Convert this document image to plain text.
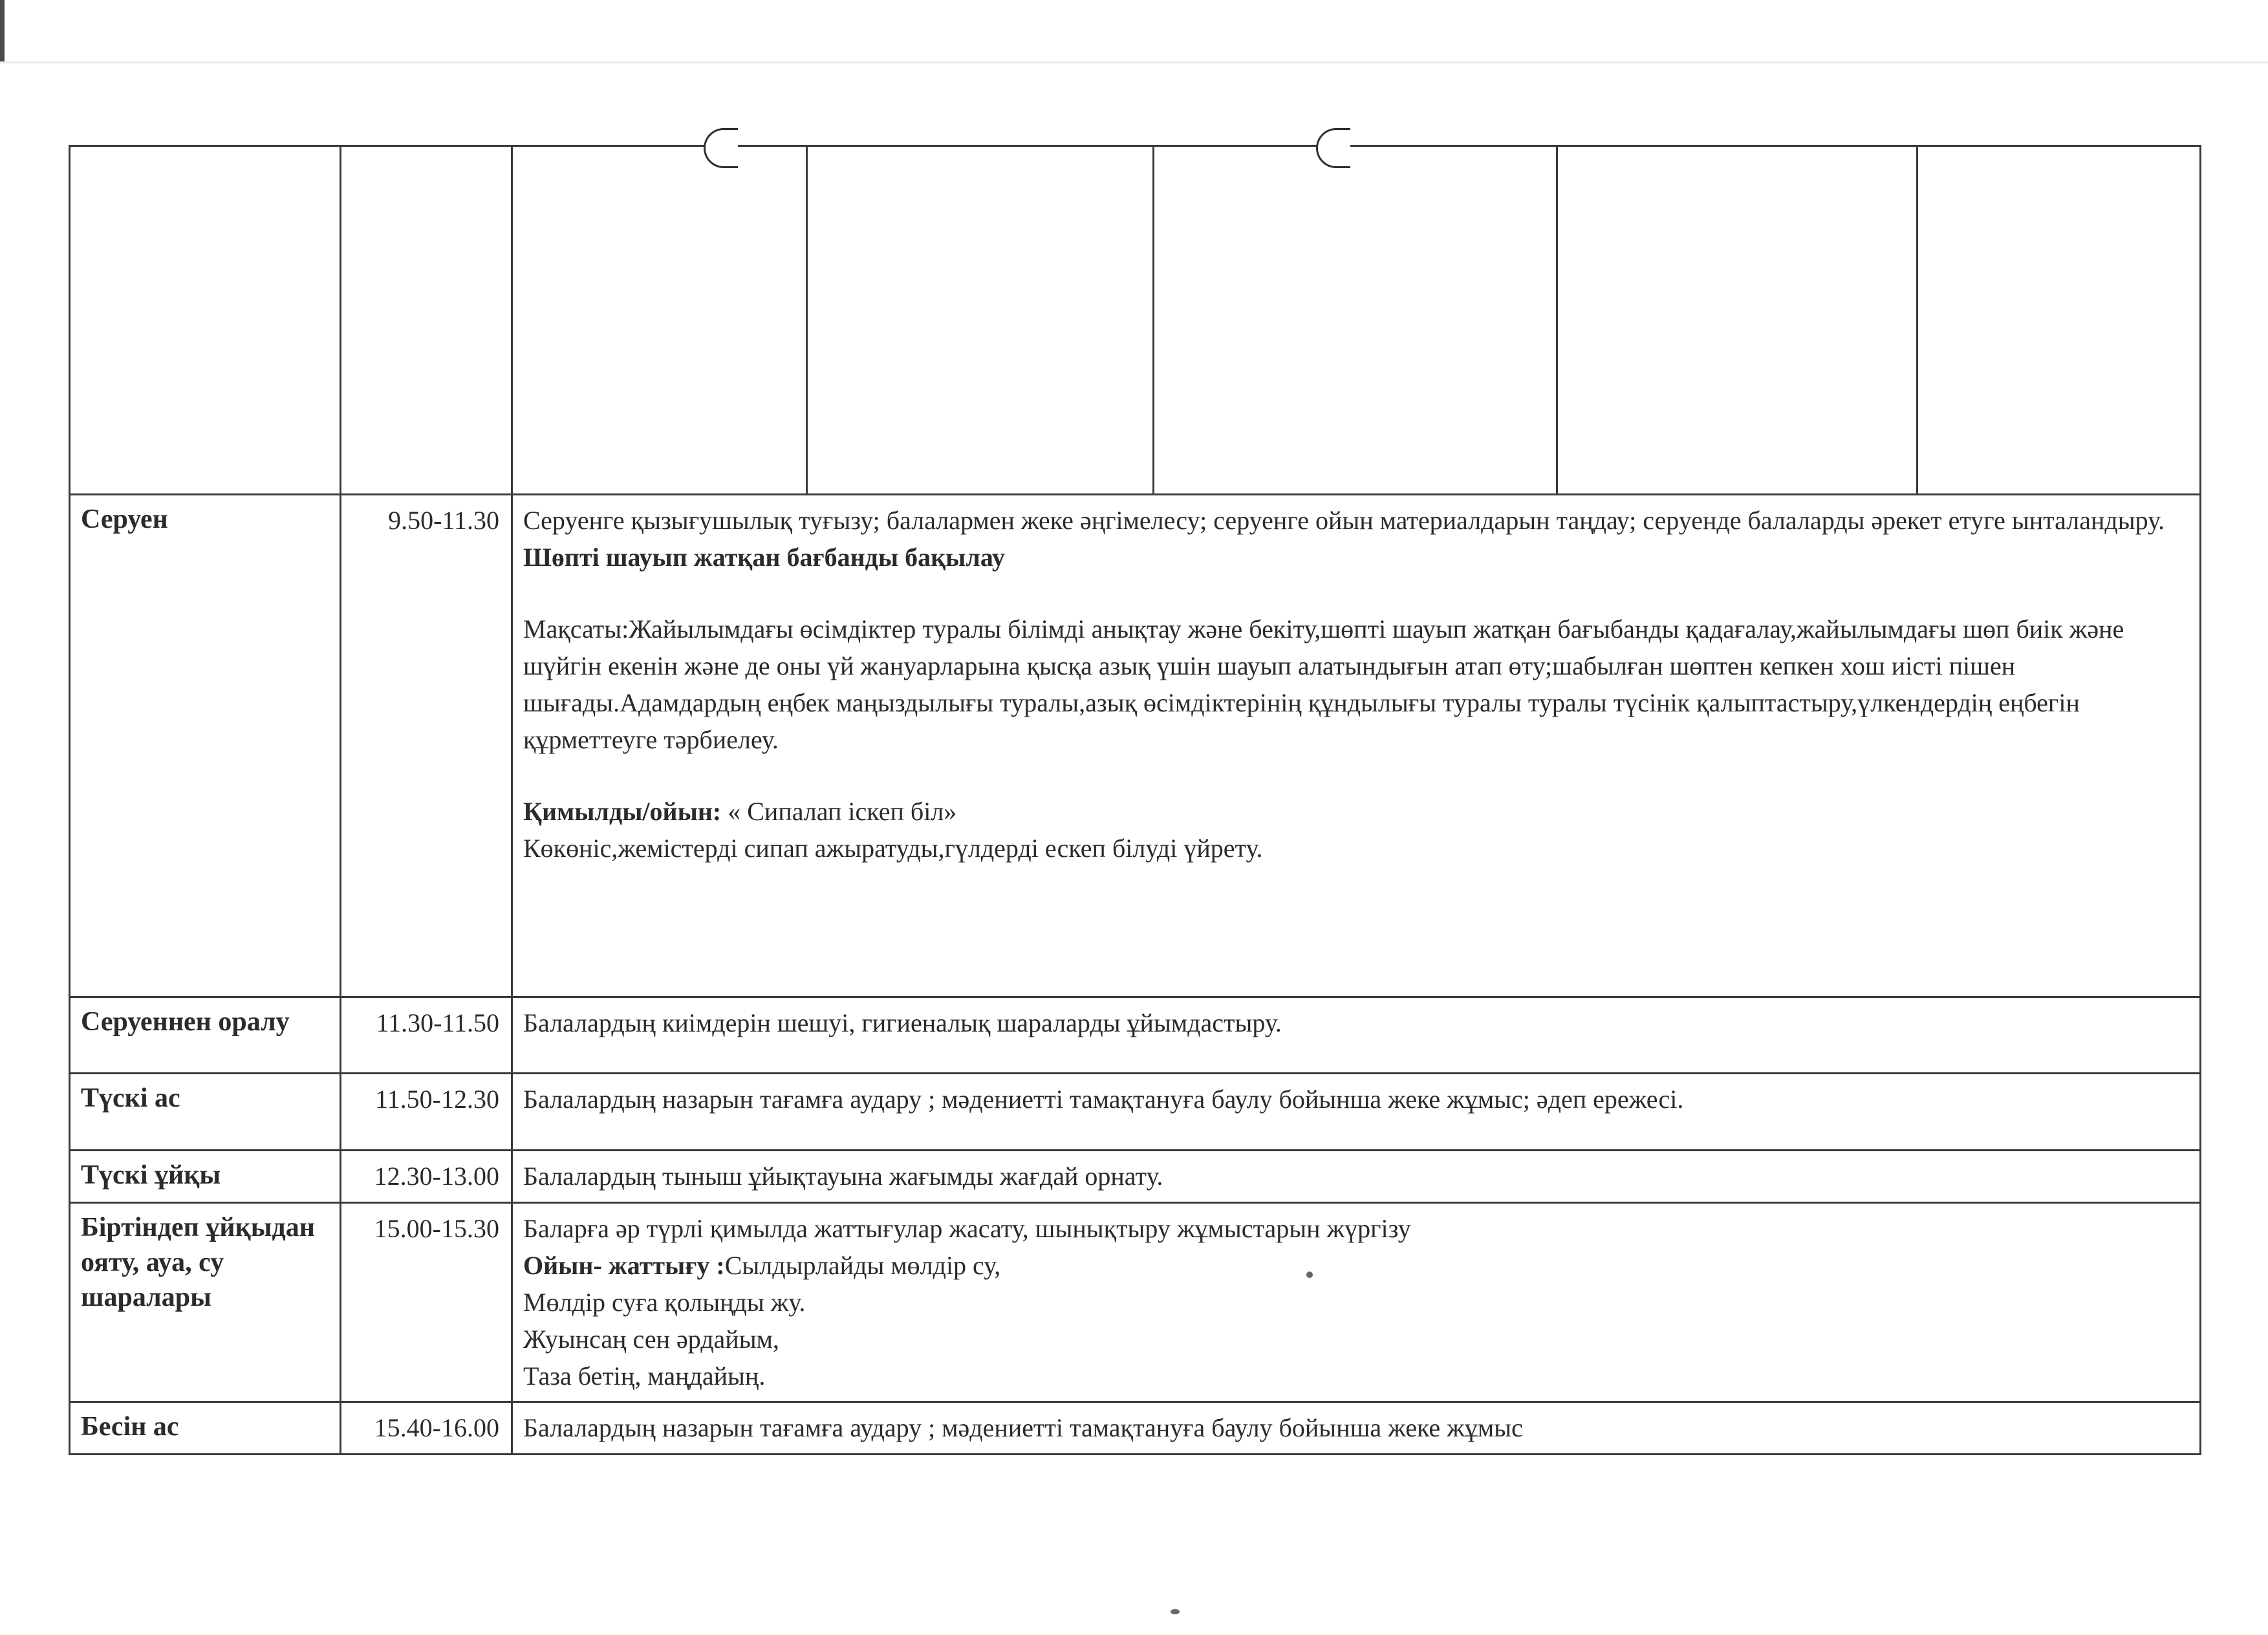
Серуен	9.50-11.30	Серуенге қызығушылық туғызу; балалармен жеке әңгімелесу; серуенге ойын материалдарын таңдау; серуенде балаларды әрекет етуге ынталандыру.
Шөпті шауып жатқан бағбанды бақылау
Мақсаты:Жайылымдағы өсімдіктер туралы білімді анықтау және бекіту,шөпті шауып жатқан бағыбанды қадағалау,жайылымдағы шөп биік және шүйгін екенін және де оны үй жануарларына қысқа азық үшін шауып алатындығын атап өту;шабылған шөптен кепкен хош иісті пішен шығады.Адамдардың еңбек маңыздылығы туралы,азық өсімдіктерінің құндылығы туралы туралы түсінік қалыптастыру,үлкендердің еңбегін құрметтеуге тәрбиелеу.
Қимылды/ойын: « Сипалап іскеп біл»
Көкөніс,жемістерді сипап ажыратуды,гүлдерді ескеп білуді үйрету.				

Серуеннен оралу	11.30-11.50	Балалардың киімдерін шешуі, гигиеналық шараларды ұйымдастыру.				
Түскі ас	11.50-12.30	Балалардың назарын тағамға аудару ; мәдениетті тамақтануға баулу бойынша жеке жұмыс; әдеп ережесі.				
Түскі ұйқы	12.30-13.00	Балалардың тыныш ұйықтауына жағымды жағдай орнату.				
Біртіндеп ұйқыдан ояту, ауа, су шаралары	15.00-15.30	Баларға әр түрлі қимылда жаттығулар жасату, шынықтыру жұмыстарын жүргізу
Ойын- жаттығу :Сылдырлайды мөлдір су,
Мөлдір суға қолыңды жу.
Жуынсаң сен әрдайым,
Таза бетің, маңдайың.				

Бесін ас	15.40-16.00	Балалардың назарын тағамға аудару ; мәдениетті тамақтануға баулу бойынша жеке жұмыс				
